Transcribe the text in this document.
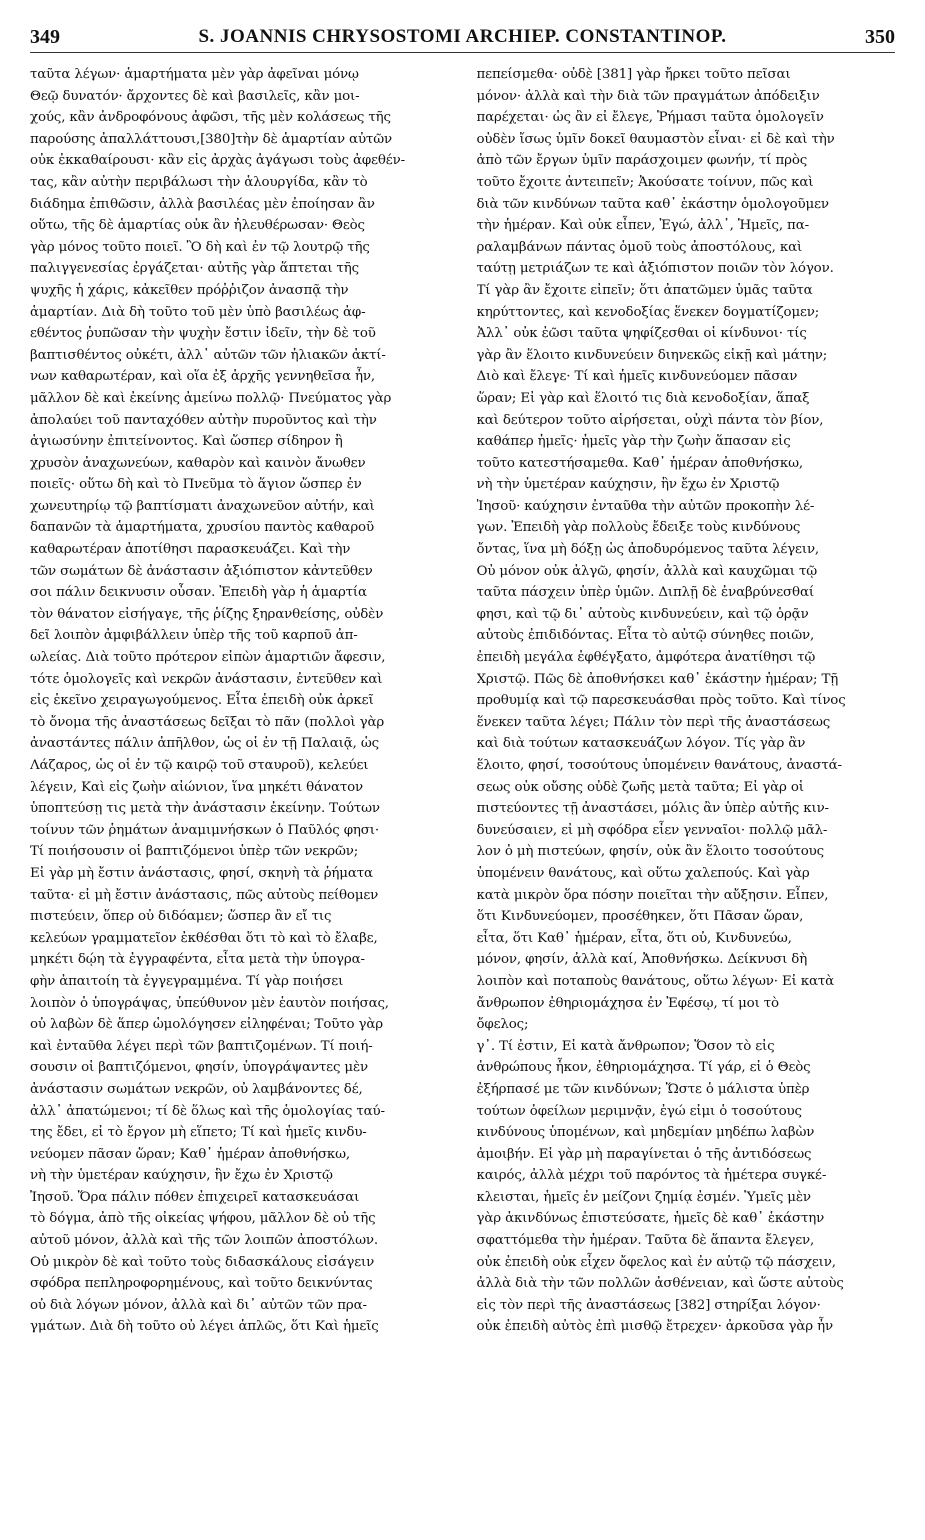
349	S. JOANNIS CHRYSOSTOMI ARCHIEP. CONSTANTINOP.	350
ταῦτα λέγων· ἁμαρτήματα μὲν γὰρ ἀφεῖναι μόνῳ
Θεῷ δυνατόν· ἄρχοντες δὲ καὶ βασιλεῖς, κἂν μοι-
χούς, κἂν ἀνδροφόνους ἀφῶσι, τῆς μὲν κολάσεως τῆς
παρούσης ἀπαλλάττουσι,[380]τὴν δὲ ἁμαρτίαν αὐτῶν
οὐκ ἐκκαθαίρουσι· κἂν εἰς ἀρχὰς ἀγάγωσι τοὺς ἀφεθέν-
τας, κἂν αὐτὴν περιβάλωσι τὴν ἁλουργίδα, κἂν τὸ
διάδημα ἐπιθῶσιν, ἀλλὰ βασιλέας μὲν ἐποίησαν ἂν
οὕτω, τῆς δὲ ἁμαρτίας οὐκ ἂν ἠλευθέρωσαν· Θεὸς
γὰρ μόνος τοῦτο ποιεῖ. Ὃ δὴ καὶ ἐν τῷ λουτρῷ τῆς
παλιγγενεσίας ἐργάζεται· αὐτῆς γὰρ ἅπτεται τῆς
ψυχῆς ἡ χάρις, κἀκεῖθεν πρόῤῥιζον ἀνασπᾷ τὴν
ἁμαρτίαν. Διὰ δὴ τοῦτο τοῦ μὲν ὑπὸ βασιλέως ἀφ-
εθέντος ῥυπῶσαν τὴν ψυχὴν ἔστιν ἰδεῖν, τὴν δὲ τοῦ
βαπτισθέντος οὐκέτι, ἀλλ᾽ αὐτῶν τῶν ἡλιακῶν ἀκτί-
νων καθαρωτέραν, καὶ οἵα ἐξ ἀρχῆς γεννηθεῖσα ἦν,
μᾶλλον δὲ καὶ ἐκείνης ἀμείνω πολλῷ· Πνεύματος γὰρ
ἀπολαύει τοῦ πανταχόθεν αὐτὴν πυροῦντος καὶ τὴν
ἁγιωσύνην ἐπιτείνοντος. Καὶ ὥσπερ σίδηρον ἢ
χρυσὸν ἀναχωνεύων, καθαρὸν καὶ καινὸν ἄνωθεν
ποιεῖς· οὕτω δὴ καὶ τὸ Πνεῦμα τὸ ἅγιον ὥσπερ ἐν
χωνευτηρίῳ τῷ βαπτίσματι ἀναχωνεῦον αὐτήν, καὶ
δαπανῶν τὰ ἁμαρτήματα, χρυσίου παντὸς καθαροῦ
καθαρωτέραν ἀποτίθησι παρασκευάζει. Καὶ τὴν
τῶν σωμάτων δὲ ἀνάστασιν ἀξιόπιστον κἀντεῦθεν
σοι πάλιν δεικνυσιν οὖσαν. Ἐπειδὴ γὰρ ἡ ἁμαρτία
τὸν θάνατον εἰσήγαγε, τῆς ῥίζης ξηρανθείσης, οὐδὲν
δεῖ λοιπὸν ἀμφιβάλλειν ὑπὲρ τῆς τοῦ καρποῦ ἀπ-
ωλείας. Διὰ τοῦτο πρότερον εἰπὼν ἁμαρτιῶν ἄφεσιν,
τότε ὁμολογεῖς καὶ νεκρῶν ἀνάστασιν, ἐντεῦθεν καὶ
εἰς ἐκεῖνο χειραγωγούμενος. Εἶτα ἐπειδὴ οὐκ ἀρκεῖ
τὸ ὄνομα τῆς ἀναστάσεως δεῖξαι τὸ πᾶν (πολλοὶ γὰρ
ἀναστάντες πάλιν ἀπῆλθον, ὡς οἱ ἐν τῇ Παλαιᾷ, ὡς
Λάζαρος, ὡς οἱ ἐν τῷ καιρῷ τοῦ σταυροῦ), κελεύει
λέγειν, Καὶ εἰς ζωὴν αἰώνιον, ἵνα μηκέτι θάνατον
ὑποπτεύσῃ τις μετὰ τὴν ἀνάστασιν ἐκείνην. Τούτων
τοίνυν τῶν ῥημάτων ἀναμιμνήσκων ὁ Παῦλός φησι·
Τί ποιήσουσιν οἱ βαπτιζόμενοι ὑπὲρ τῶν νεκρῶν;
Εἰ γὰρ μὴ ἔστιν ἀνάστασις, φησί, σκηνὴ τὰ ῥήματα
ταῦτα· εἰ μὴ ἔστιν ἀνάστασις, πῶς αὐτοὺς πείθομεν
πιστεύειν, ὅπερ οὐ διδόαμεν; ὥσπερ ἂν εἴ τις
κελεύων γραμματεῖον ἐκθέσθαι ὅτι τὸ καὶ τὸ ἔλαβε,
μηκέτι δῴη τὰ ἐγγραφέντα, εἶτα μετὰ τὴν ὑπογρα-
φὴν ἀπαιτοίη τὰ ἐγγεγραμμένα. Τί γὰρ ποιήσει
λοιπὸν ὁ ὑπογράψας, ὑπεύθυνον μὲν ἑαυτὸν ποιήσας,
οὐ λαβὼν δὲ ἅπερ ὡμολόγησεν εἰληφέναι; Τοῦτο γὰρ
καὶ ἐνταῦθα λέγει περὶ τῶν βαπτιζομένων. Τί ποιή-
σουσιν οἱ βαπτιζόμενοι, φησίν, ὑπογράψαντες μὲν
ἀνάστασιν σωμάτων νεκρῶν, οὐ λαμβάνοντες δέ,
ἀλλ᾽ ἀπατώμενοι; τί δὲ ὅλως καὶ τῆς ὁμολογίας ταύ-
της ἔδει, εἰ τὸ ἔργον μὴ εἵπετο; Τί καὶ ἡμεῖς κινδυ-
νεύομεν πᾶσαν ὥραν; Καθ᾽ ἡμέραν ἀποθνήσκω,
νὴ τὴν ὑμετέραν καύχησιν, ἣν ἔχω ἐν Χριστῷ
Ἰησοῦ. Ὅρα πάλιν πόθεν ἐπιχειρεῖ κατασκευάσαι
τὸ δόγμα, ἀπὸ τῆς οἰκείας ψήφου, μᾶλλον δὲ οὐ τῆς
αὐτοῦ μόνον, ἀλλὰ καὶ τῆς τῶν λοιπῶν ἀποστόλων.
Οὐ μικρὸν δὲ καὶ τοῦτο τοὺς διδασκάλους εἰσάγειν
σφόδρα πεπληροφορημένους, καὶ τοῦτο δεικνύντας
οὐ διὰ λόγων μόνον, ἀλλὰ καὶ δι᾽ αὐτῶν τῶν πρα-
γμάτων. Διὰ δὴ τοῦτο οὐ λέγει ἁπλῶς, ὅτι Καὶ ἡμεῖς
πεπείσμεθα· οὐδὲ [381] γὰρ ἤρκει τοῦτο πεῖσαι
μόνον· ἀλλὰ καὶ τὴν διὰ τῶν πραγμάτων ἀπόδειξιν
παρέχεται· ὡς ἂν εἰ ἔλεγε, Ῥήμασι ταῦτα ὁμολογεῖν
οὐδὲν ἴσως ὑμῖν δοκεῖ θαυμαστὸν εἶναι· εἰ δὲ καὶ τὴν
ἀπὸ τῶν ἔργων ὑμῖν παράσχοιμεν φωνήν, τί πρὸς
τοῦτο ἔχοιτε ἀντειπεῖν; Ἀκούσατε τοίνυν, πῶς καὶ
διὰ τῶν κινδύνων ταῦτα καθ᾽ ἑκάστην ὁμολογοῦμεν
τὴν ἡμέραν. Καὶ οὐκ εἶπεν, Ἐγώ, ἀλλ᾽, Ἡμεῖς, πα-
ραλαμβάνων πάντας ὁμοῦ τοὺς ἀποστόλους, καὶ
ταύτῃ μετριάζων τε καὶ ἀξιόπιστον ποιῶν τὸν λόγον.
Τί γὰρ ἂν ἔχοιτε εἰπεῖν; ὅτι ἀπατῶμεν ὑμᾶς ταῦτα
κηρύττοντες, καὶ κενοδοξίας ἕνεκεν δογματίζομεν;
Ἀλλ᾽ οὐκ ἐῶσι ταῦτα ψηφίζεσθαι οἱ κίνδυνοι· τίς
γὰρ ἂν ἕλοιτο κινδυνεύειν διηνεκῶς εἰκῇ καὶ μάτην;
Διὸ καὶ ἔλεγε· Τί καὶ ἡμεῖς κινδυνεύομεν πᾶσαν
ὥραν; Εἰ γὰρ καὶ ἕλοιτό τις διὰ κενοδοξίαν, ἅπαξ
καὶ δεύτερον τοῦτο αἱρήσεται, οὐχὶ πάντα τὸν βίον,
καθάπερ ἡμεῖς· ἡμεῖς γὰρ τὴν ζωὴν ἅπασαν εἰς
τοῦτο κατεστήσαμεθα. Καθ᾽ ἡμέραν ἀποθνήσκω,
νὴ τὴν ὑμετέραν καύχησιν, ἣν ἔχω ἐν Χριστῷ
Ἰησοῦ· καύχησιν ἐνταῦθα τὴν αὐτῶν προκοπὴν λέ-
γων. Ἐπειδὴ γὰρ πολλοὺς ἔδειξε τοὺς κινδύνους
ὄντας, ἵνα μὴ δόξῃ ὡς ἀποδυρόμενος ταῦτα λέγειν,
Οὐ μόνον οὐκ ἀλγῶ, φησίν, ἀλλὰ καὶ καυχῶμαι τῷ
ταῦτα πάσχειν ὑπὲρ ὑμῶν. Διπλῇ δὲ ἐναβρύνεσθαί
φησι, καὶ τῷ δι᾽ αὐτοὺς κινδυνεύειν, καὶ τῷ ὁρᾷν
αὐτοὺς ἐπιδιδόντας. Εἶτα τὸ αὐτῷ σύνηθες ποιῶν,
ἐπειδὴ μεγάλα ἐφθέγξατο, ἀμφότερα ἀνατίθησι τῷ
Χριστῷ. Πῶς δὲ ἀποθνήσκει καθ᾽ ἑκάστην ἡμέραν; Τῇ
προθυμίᾳ καὶ τῷ παρεσκευάσθαι πρὸς τοῦτο. Καὶ τίνος
ἕνεκεν ταῦτα λέγει; Πάλιν τὸν περὶ τῆς ἀναστάσεως
καὶ διὰ τούτων κατασκευάζων λόγον. Τίς γὰρ ἂν
ἕλοιτο, φησί, τοσούτους ὑπομένειν θανάτους, ἀναστά-
σεως οὐκ οὔσης οὐδὲ ζωῆς μετὰ ταῦτα; Εἰ γὰρ οἱ
πιστεύοντες τῇ ἀναστάσει, μόλις ἂν ὑπὲρ αὐτῆς κιν-
δυνεύσαιεν, εἰ μὴ σφόδρα εἶεν γενναῖοι· πολλῷ μᾶλ-
λον ὁ μὴ πιστεύων, φησίν, οὐκ ἂν ἕλοιτο τοσούτους
ὑπομένειν θανάτους, καὶ οὕτω χαλεπούς. Καὶ γὰρ
κατὰ μικρὸν ὅρα πόσην ποιεῖται τὴν αὔξησιν. Εἶπεν,
ὅτι Κινδυνεύομεν, προσέθηκεν, ὅτι Πᾶσαν ὥραν,
εἶτα, ὅτι Καθ᾽ ἡμέραν, εἶτα, ὅτι οὐ, Κινδυνεύω,
μόνον, φησίν, ἀλλὰ καί, Ἀποθνήσκω. Δείκνυσι δὴ
λοιπὸν καὶ ποταποὺς θανάτους, οὕτω λέγων· Εἰ κατὰ
ἄνθρωπον ἐθηριομάχησα ἐν Ἐφέσῳ, τί μοι τὸ
ὄφελος;
γ᾽. Τί ἐστιν, Εἰ κατὰ ἄνθρωπον; Ὅσον τὸ εἰς
ἀνθρώπους ἧκον, ἐθηριομάχησα. Τί γάρ, εἰ ὁ Θεὸς
ἐξήρπασέ με τῶν κινδύνων; Ὥστε ὁ μάλιστα ὑπὲρ
τούτων ὀφείλων μεριμνᾷν, ἐγώ εἰμι ὁ τοσούτους
κινδύνους ὑπομένων, καὶ μηδεμίαν μηδέπω λαβὼν
ἀμοιβήν. Εἰ γὰρ μὴ παραγίνεται ὁ τῆς ἀντιδόσεως
καιρός, ἀλλὰ μέχρι τοῦ παρόντος τὰ ἡμέτερα συγκέ-
κλεισται, ἡμεῖς ἐν μείζονι ζημίᾳ ἐσμέν. Ὑμεῖς μὲν
γὰρ ἀκινδύνως ἐπιστεύσατε, ἡμεῖς δὲ καθ᾽ ἑκάστην
σφαττόμεθα τὴν ἡμέραν. Ταῦτα δὲ ἅπαντα ἔλεγεν,
οὐκ ἐπειδὴ οὐκ εἶχεν ὄφελος καὶ ἐν αὐτῷ τῷ πάσχειν,
ἀλλὰ διὰ τὴν τῶν πολλῶν ἀσθένειαν, καὶ ὥστε αὐτοὺς
εἰς τὸν περὶ τῆς ἀναστάσεως [382] στηρίξαι λόγον·
οὐκ ἐπειδὴ αὐτὸς ἐπὶ μισθῷ ἔτρεχεν· ἀρκοῦσα γὰρ ἦν
